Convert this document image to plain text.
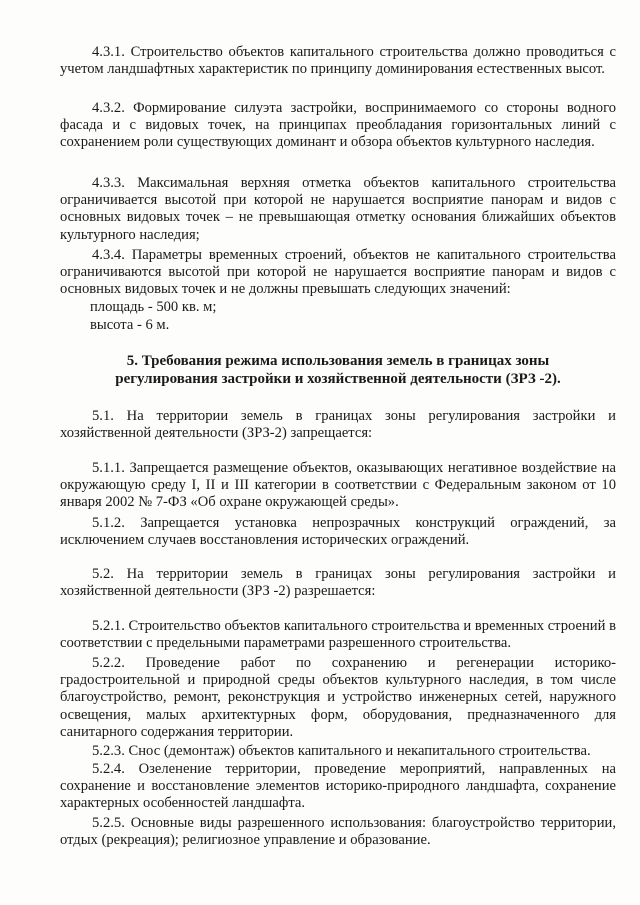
4.3.1. Строительство объектов капитального строительства должно проводиться с учетом ландшафтных характеристик по принципу доминирования естественных высот.

4.3.2. Формирование силуэта застройки, воспринимаемого со стороны водного фасада и с видовых точек, на принципах преобладания горизонтальных линий с сохранением роли существующих доминант и обзора объектов культурного наследия.

4.3.3. Максимальная верхняя отметка объектов капитального строительства ограничивается высотой при которой не нарушается восприятие панорам и видов с основных видовых точек – не превышающая отметку основания ближайших объектов культурного наследия;

4.3.4. Параметры временных строений, объектов не капитального строительства ограничиваются высотой при которой не нарушается восприятие панорам и видов с основных видовых точек и не должны превышать следующих значений:

площадь - 500 кв. м;

высота - 6 м.

5. Требования режима использования земель в границах зоны

регулирования застройки и хозяйственной деятельности (ЗРЗ -2).

5.1. На территории земель в границах зоны регулирования застройки и хозяйственной деятельности (ЗРЗ-2) запрещается:

5.1.1. Запрещается размещение объектов, оказывающих негативное воздействие на окружающую среду I, II и III категории в соответствии с Федеральным законом от 10 января 2002 № 7-ФЗ «Об охране окружающей среды».

5.1.2. Запрещается установка непрозрачных конструкций ограждений, за исключением случаев восстановления исторических ограждений.

5.2. На территории земель в границах зоны регулирования застройки и хозяйственной деятельности (ЗРЗ -2) разрешается:

5.2.1. Строительство объектов капитального строительства и временных строений в соответствии с предельными параметрами разрешенного строительства.

5.2.2. Проведение работ по сохранению и регенерации историко-градостроительной и природной среды объектов культурного наследия, в том числе благоустройство, ремонт, реконструкция и устройство инженерных сетей, наружного освещения, малых архитектурных форм, оборудования, предназначенного для санитарного содержания территории.

5.2.3. Снос (демонтаж) объектов капитального и некапитального строительства.

5.2.4. Озеленение территории, проведение мероприятий, направленных на сохранение и восстановление элементов историко-природного ландшафта, сохранение характерных особенностей ландшафта.

5.2.5. Основные виды разрешенного использования: благоустройство территории, отдых (рекреация); религиозное управление и образование.
